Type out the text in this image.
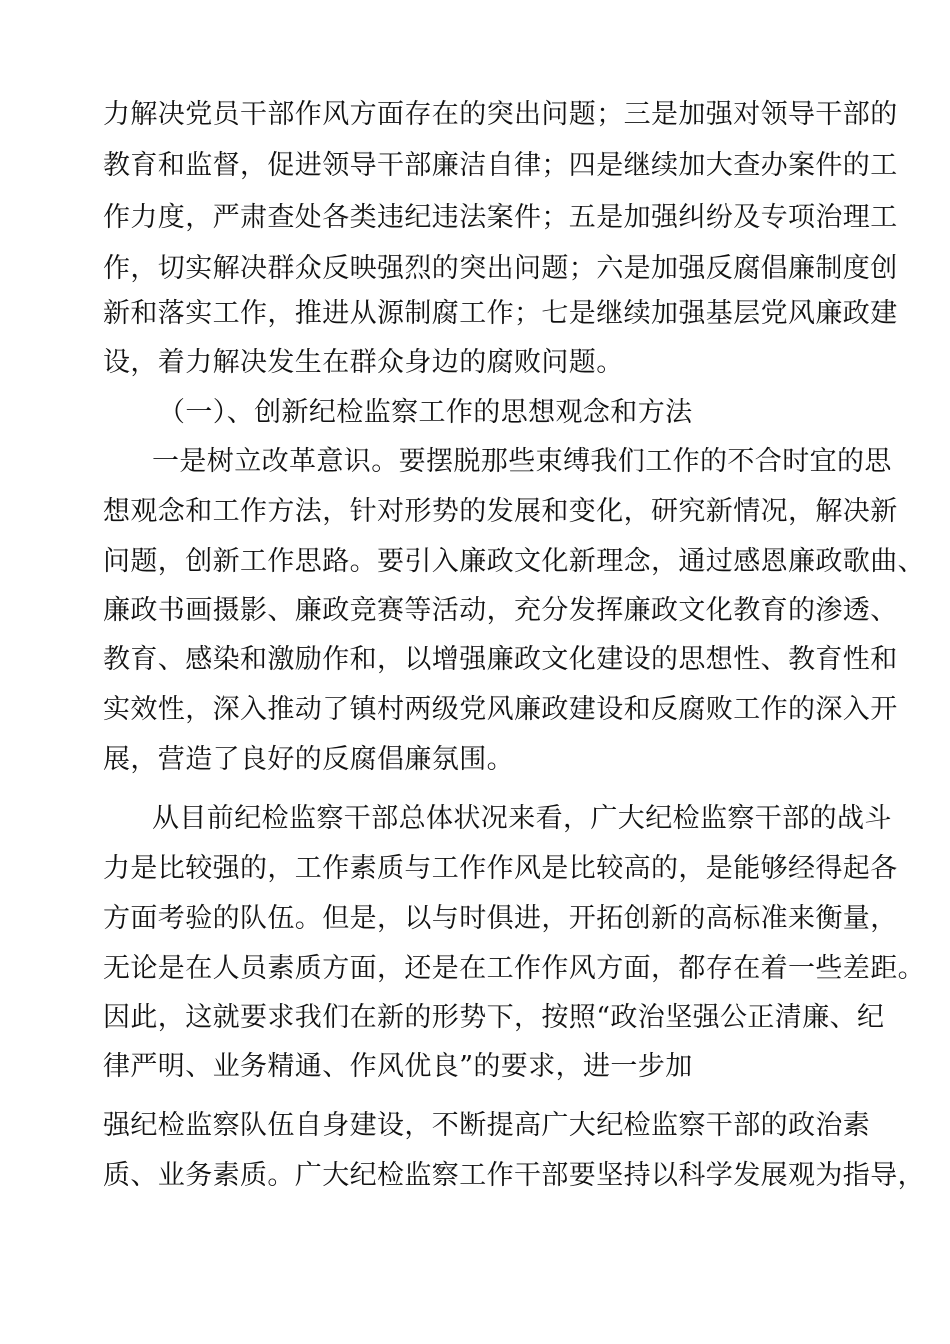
力解决党员干部作风方面存在的突出问题；三是加强对领导干部的
教育和监督，促进领导干部廉洁自律；四是继续加大查办案件的工
作力度，严肃查处各类违纪违法案件；五是加强纠纷及专项治理工
作，切实解决群众反映强烈的突出问题；六是加强反腐倡廉制度创
新和落实工作，推进从源制腐工作；七是继续加强基层党风廉政建
设，着力解决发生在群众身边的腐败问题。
（一）、创新纪检监察工作的思想观念和方法
一是树立改革意识。要摆脱那些束缚我们工作的不合时宜的思
想观念和工作方法，针对形势的发展和变化，研究新情况，解决新
问题，创新工作思路。要引入廉政文化新理念，通过感恩廉政歌曲、
廉政书画摄影、廉政竞赛等活动，充分发挥廉政文化教育的渗透、
教育、感染和激励作和，以增强廉政文化建设的思想性、教育性和
实效性，深入推动了镇村两级党风廉政建设和反腐败工作的深入开
展，营造了良好的反腐倡廉氛围。
从目前纪检监察干部总体状况来看，广大纪检监察干部的战斗
力是比较强的，工作素质与工作作风是比较高的，是能够经得起各
方面考验的队伍。但是，以与时俱进，开拓创新的高标准来衡量，
无论是在人员素质方面，还是在工作作风方面，都存在着一些差距。
因此，这就要求我们在新的形势下，按照“政治坚强公正清廉、纪
律严明、业务精通、作风优良”的要求，进一步加
强纪检监察队伍自身建设，不断提高广大纪检监察干部的政治素
质、业务素质。广大纪检监察工作干部要坚持以科学发展观为指导，
